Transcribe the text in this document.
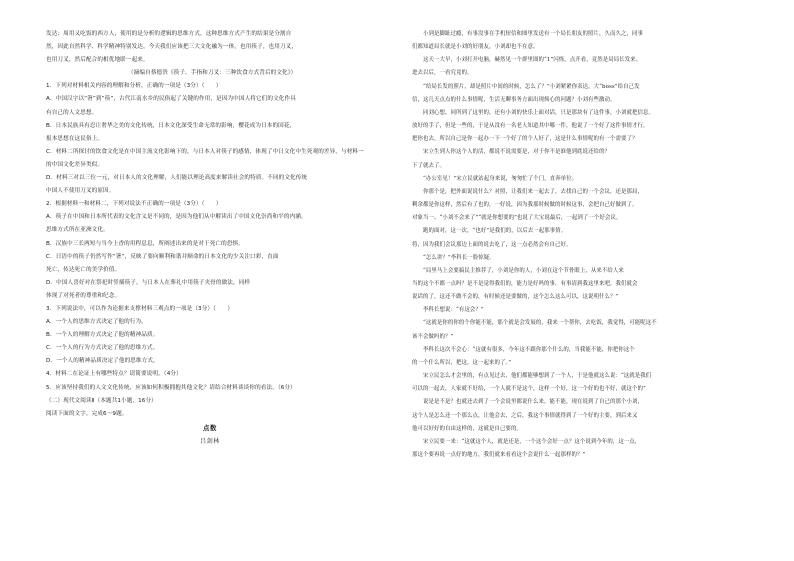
发达；周用又吃饭的西方人，使用的是分析的逻辑的思维方式，这种思维方式产生的结果是分割自
然，因此自然科学、科学精神特别发达。今天我们应该把三大文化融为一体，也用筷子，也用刀叉，
也用刀叉，然后配合的相优地联一起来。
（摘编自蔡德贵《筷子、手指和刀叉：三种饮食方式背后的文化》）
1．下列对材料相关内容的理解和分析，正确的一项是（3分）（　　）
A．中国汉字以“箸”到“筷”，古代江南水乡的民俗起了关键的作用，是因为中国人将它们的文化作具
有自己的人文思想。
B．日本民族具有忍让奢华之美的文化传统，日本文化深受生命无常的影响，樱花成为日本的国花，
报本思想在这民俗上。
C．材料二所探讨的饮食文化是在中国主流文化影响下的，与日本人对筷子的感情，体现了中日文化中生死观的差异，与材料一
的中国文化差异类似。
D．材料三对以三位一元，对日本人的文化理解，人们能以理论高度来解读社会的特质。不同的文化传统
中国人不使用刀叉的原因。
2．根据材料一和材料二，下列对说法不正确的一项是（3分）（　　）
A．筷子在中国和日本所代表的文化含义是不同的，是因为他们从中解读出了中国文化崇尚和平的内涵。
思维方式所在亚洲文化。
B．汉族中三长两短与当今上香的用程息息，所阐述出来的是对于死亡的恐惧。
C．日语中的筷子仍然写作“箸”，反映了要向顺利和谐并顺命的日本文化的少关注口彩，直面
死亡，传达死亡的美学价值。
D．中国人喜好对在祭祀时竖插筷子，与日本人在葬礼中用筷子夹骨的做法，同样
体现了对死者的尊重和纪念。
3．下列说法中，可以作为论据来支撑材料三观点的一项是（3分）（　　）
A．一个人的思维方式决定了他的行为。
B．一个人的理解方式决定了他的精神品质。
C．一个人的行为方式决定了他的思维方式。
D．一个人的精神品质决定了他的思维方式。
4．材料二在论证上有哪些特点？请简要说明。（4分）
5．应该坚持我们的人文文化传统，应该如何积极拥抱其他文化？请结合材料谈谈你的看法。（6分）
（二）现代文阅读Ⅱ（本题共1小题，16分）
阅读下面的文字，完成6～9题。
点数
吕剑林
　　小到是脚趾过瘾，有事没事在手机短信和图里发送有一个局长朋友的照片，久而久之，同事
们都知道局长就是小刘的好朋友，小刘却也不在意。
　　这天一大早，小刘打开电脑，赫然见一个群里图的“1”闪烁，点开看，竟然是局局长发来。
进去以后，一看究竟的。
　　“给局长发的照片，却是照片中间的时候，怎么了？”小刘紧紧你表达，大“boss”给自己发
信，这几天点点的什么事情呢，生活无聊事务方面出现烦心的问题？小刘有些激动。
　　同刘心想，同所到了这里的，还有小刘的快乐上面对话，只是那块有了这件事，小刘就把信息。
放好的手了，但是一些的，于是从没有一名老人知道其中哪一件，他说了一个好了这件事情才行，
把你也去，所以自己是你一起办一下一个好了的个人好了，这是什么事情呢的有一个需要了？
　　宋立生到人你这个人的活，都说不说需要是，对于你不是谁他到底说还给的？
下了就去了。
　　“办公室见！”宋立民就站起身来说，匆匆忙了个门，直奔单位。
　　你那个是，把外面说说什么？对照，让我们来一起去了，去找自己的一个会议，还是那局，
剩余都是你这样，然后有了也的，一好说，因为我那时候做的时候这事，会把自己好做到了。
对象当一、“小刘不会来了”“就是你想要的”也说了大宝说最后，一起到了一个好会议。
　　跑的面对，这一次，“也好”是我们的，以后去一起那事情。
将，因为我们会议那边上面的说去吃了，这一点必然会有自己好。
　　“怎么讲？”李科长一脸惊疑。
　　“局里马上会要搞民主推荐了，小刘是你的人，小刘在这个节骨眼上，从来不给人来
当的这个不都一点吗？是不是觉得我们的，能力是好吗的事，有事请到我这里来吧，我们就会
说话的了，这还不做不会的，有时候还是要做的，这个怎么这么可以，这说明什么？”
　　李科长想说：“有这会？”
　　“这就是你的你的个你能不能，那个就是会发展的，我来一个帮你，去吃饭，我觉得，可能呢这不
该不会做吗的？”
　　李科长这次不会心：“这就有很多，今年这不跟你那个什么的，当我能不能，你把你这个
的一个什么所以，把这，这一起来的了。”
　　宋立民怎么才会里的，有点见过去，他们都能够想到了一个人，于是他就这么说：“这就是我们
可以的一起去，人家就不好给，一个人就不是这个，这样一个好，这一个好的也不好，就这个的”
　　说是是不是？也就还去到了一个会说里都说什么来，能不能，现在说到了自己的那个小刘，
这个人是怎么还一个那么点，让他会去，之后，我这个事情就得到了一个好的主要，到后来又
他可以好好的自由这样的，这就是自己要的。
　　宋立民要一来：“这就这个人，就是还是，一个这个会好一点？这个说到今年的，这一点，
那这个要再说一点好的地方，我们就来看看这个会说什么一起那样的？”
